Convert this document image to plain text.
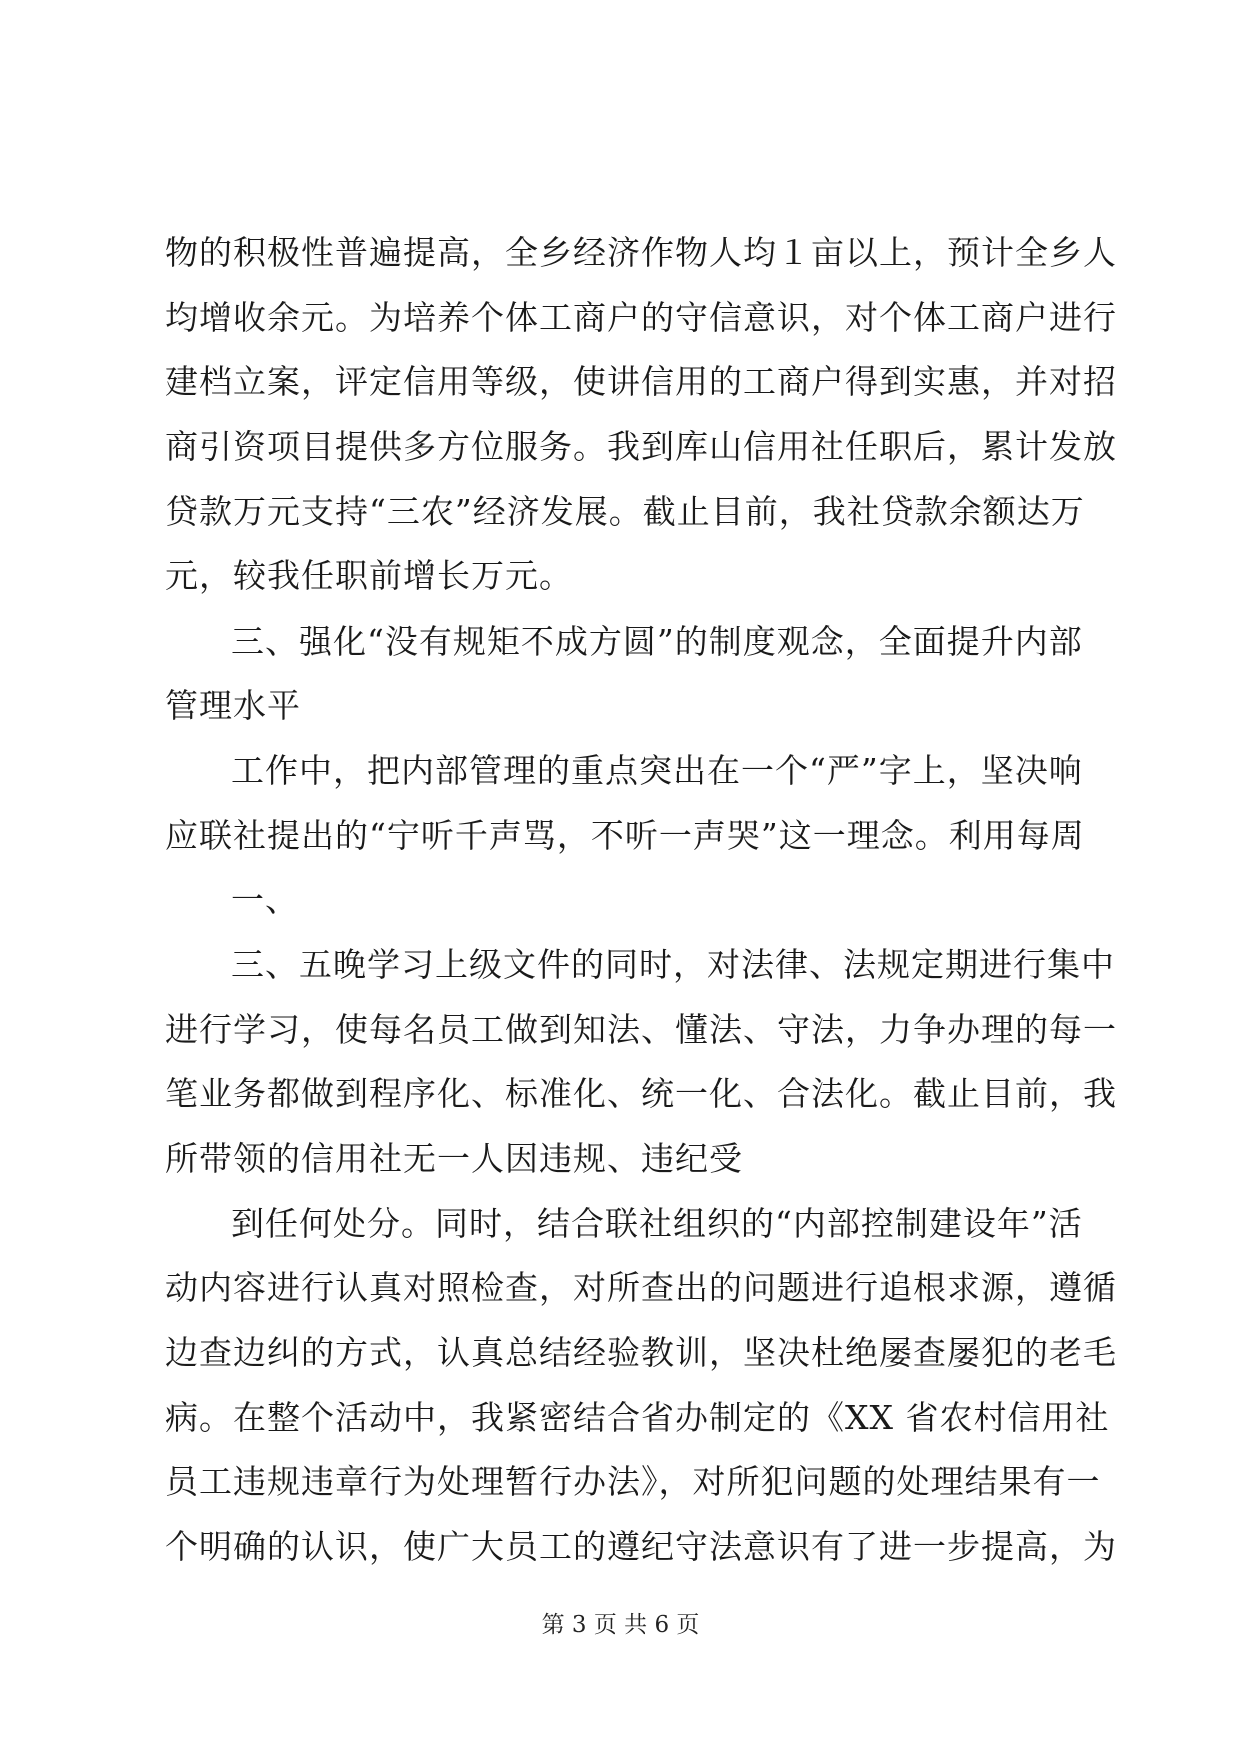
物的积极性普遍提高，全乡经济作物人均１亩以上，预计全乡人
均增收余元。为培养个体工商户的守信意识，对个体工商户进行
建档立案，评定信用等级，使讲信用的工商户得到实惠，并对招
商引资项目提供多方位服务。我到库山信用社任职后，累计发放
贷款万元支持“三农”经济发展。截止目前，我社贷款余额达万
元，较我任职前增长万元。
三、强化“没有规矩不成方圆”的制度观念，全面提升内部
管理水平
工作中，把内部管理的重点突出在一个“严”字上，坚决响
应联社提出的“宁听千声骂，不听一声哭”这一理念。利用每周
一、
三、五晚学习上级文件的同时，对法律、法规定期进行集中
进行学习，使每名员工做到知法、懂法、守法，力争办理的每一
笔业务都做到程序化、标准化、统一化、合法化。截止目前，我
所带领的信用社无一人因违规、违纪受
到任何处分。同时，结合联社组织的“内部控制建设年”活
动内容进行认真对照检查，对所查出的问题进行追根求源，遵循
边查边纠的方式，认真总结经验教训，坚决杜绝屡查屡犯的老毛
病。在整个活动中，我紧密结合省办制定的《XX 省农村信用社
员工违规违章行为处理暂行办法》，对所犯问题的处理结果有一
个明确的认识，使广大员工的遵纪守法意识有了进一步提高，为
第 3 页 共 6 页
